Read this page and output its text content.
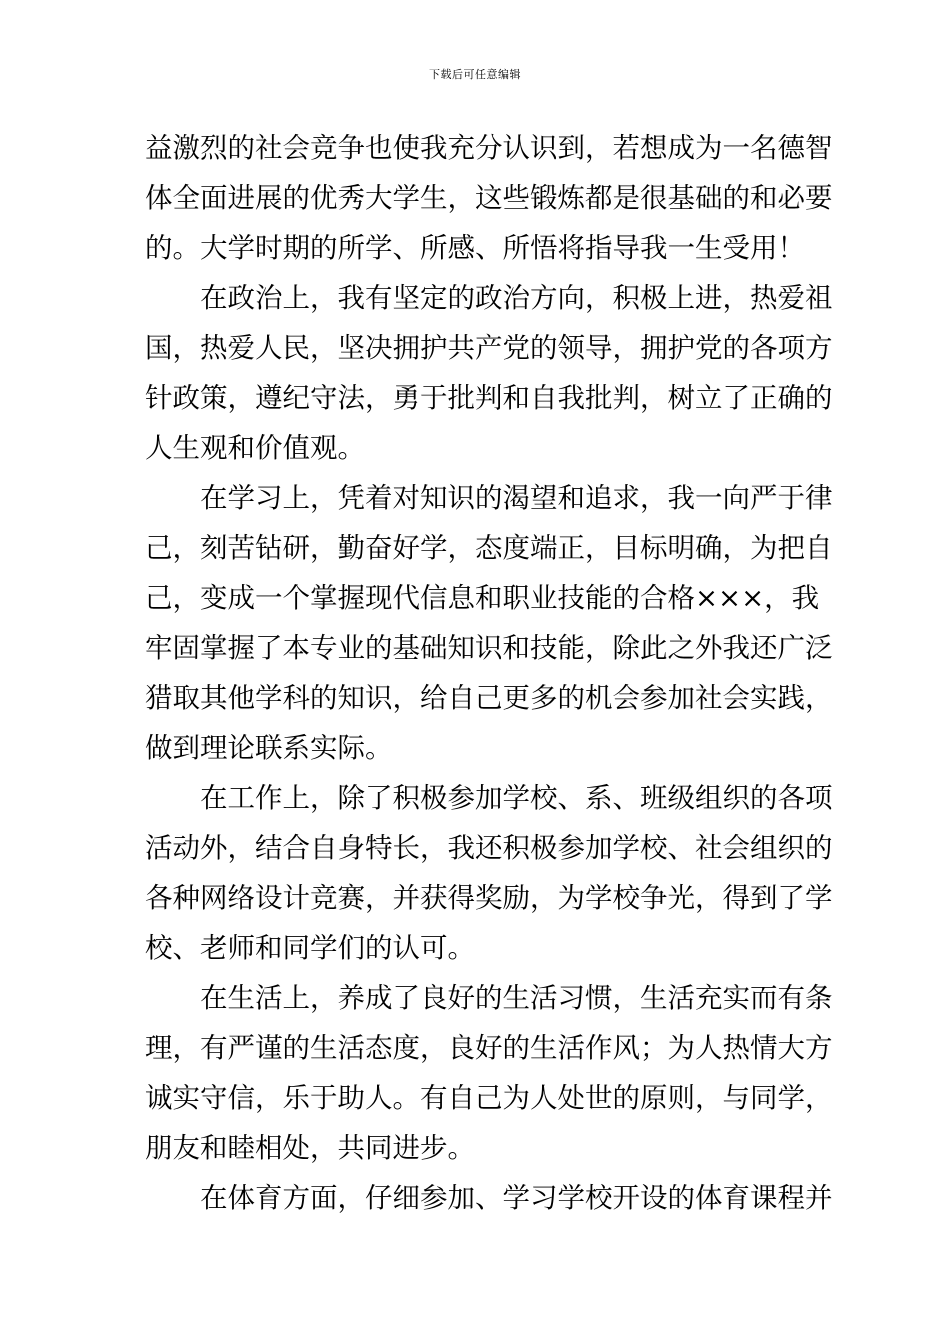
下载后可任意编辑
益激烈的社会竞争也使我充分认识到，若想成为一名德智
体全面进展的优秀大学生，这些锻炼都是很基础的和必要
的。大学时期的所学、所感、所悟将指导我一生受用！
在政治上，我有坚定的政治方向，积极上进，热爱祖
国，热爱人民，坚决拥护共产党的领导，拥护党的各项方
针政策，遵纪守法，勇于批判和自我批判，树立了正确的
人生观和价值观。
在学习上，凭着对知识的渴望和追求，我一向严于律
己，刻苦钻研，勤奋好学，态度端正，目标明确，为把自
己，变成一个掌握现代信息和职业技能的合格×××，我
牢固掌握了本专业的基础知识和技能，除此之外我还广泛
猎取其他学科的知识，给自己更多的机会参加社会实践，
做到理论联系实际。
在工作上，除了积极参加学校、系、班级组织的各项
活动外，结合自身特长，我还积极参加学校、社会组织的
各种网络设计竞赛，并获得奖励，为学校争光，得到了学
校、老师和同学们的认可。
在生活上，养成了良好的生活习惯，生活充实而有条
理，有严谨的生活态度，良好的生活作风；为人热情大方
诚实守信，乐于助人。有自己为人处世的原则，与同学，
朋友和睦相处，共同进步。
在体育方面，仔细参加、学习学校开设的体育课程并
